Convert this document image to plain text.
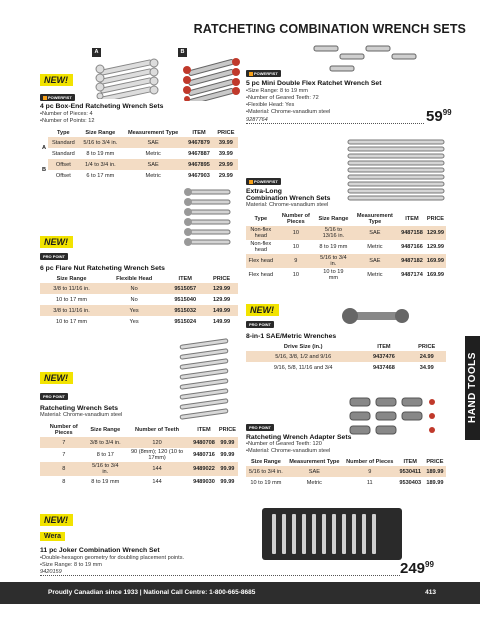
RATCHETING COMBINATION WRENCH SETS
A	B
NEW!
POWERFIST
4 pc Box-End Ratcheting Wrench Sets
•Number of Pieces: 4
•Number of Points: 12
	Type	Size Range	Measurement Type	ITEM	PRICE
A	Standard	5/16 to 3/4 in.	SAE	9467879	39.99
	Standard	8 to 19 mm	Metric	9467887	39.99
B	Offset	1/4 to 3/4 in.	SAE	9467895	29.99
	Offset	6 to 17 mm	Metric	9467903	29.99
NEW!
PRO POINT
6 pc Flare Nut Ratcheting Wrench Sets
Size Range	Flexible Head	ITEM	PRICE
3/8 to 11/16 in.	No	9515057	129.99
10 to 17 mm	No	9515040	129.99
3/8 to 11/16 in.	Yes	9515032	149.99
10 to 17 mm	Yes	9515024	149.99
NEW!
PRO POINT
Ratcheting Wrench Sets
Material: Chrome-vanadium steel
Number of Pieces	Size Range	Number of Teeth	ITEM	PRICE
7	3/8 to 3/4 in.	120	9480708	99.99
7	8 to 17	90 (8mm); 120 (10 to 17mm)	9480716	99.99
8	5/16 to 3/4 in.	144	9489022	99.99
8	8 to 19 mm	144	9489030	99.99
NEW!
Wera
11 pc Joker Combination Wrench Set
•Double-hexagon geometry for doubling placement points.
•Size Range: 8 to 19 mm
9420159	$249^{99}$
POWERFIST
5 pc Mini Double Flex Ratchet Wrench Set
•Size Range: 8 to 19 mm
•Number of Geared Teeth: 72
•Flexible Head: Yes
•Material: Chrome-vanadium steel
9287764	$59^{99}$
POWERFIST
Extra-Long
Combination Wrench Sets
Material: Chrome-vanadium steel
Type	Number of Pieces	Size Range	Measurement Type	ITEM	PRICE
Non-flex head	10	5/16 to 13/16 in.	SAE	9487158	129.99
Non-flex head	10	8 to 19 mm	Metric	9487166	129.99
Flex head	9	5/16 to 3/4 in.	SAE	9487182	169.99
Flex head	10	10 to 19 mm	Metric	9487174	169.99
NEW!
PRO POINT
8-in-1 SAE/Metric Wrenches
Drive Size (in.)	ITEM	PRICE
5/16, 3/8, 1/2 and 9/16	9437476	24.99
9/16, 5/8, 11/16 and 3/4	9437468	34.99
PRO POINT
Ratcheting Wrench Adapter Sets
•Number of Geared Teeth: 120
•Material: Chrome-vanadium steel
Size Range	Measurement Type	Number of Pieces	ITEM	PRICE
5/16 to 3/4 in.	SAE	9	9530411	189.99
10 to 19 mm	Metric	11	9530403	189.99
HAND TOOLS
Proudly Canadian since 1933 | National Call Centre: 1-800-665-8685	413
